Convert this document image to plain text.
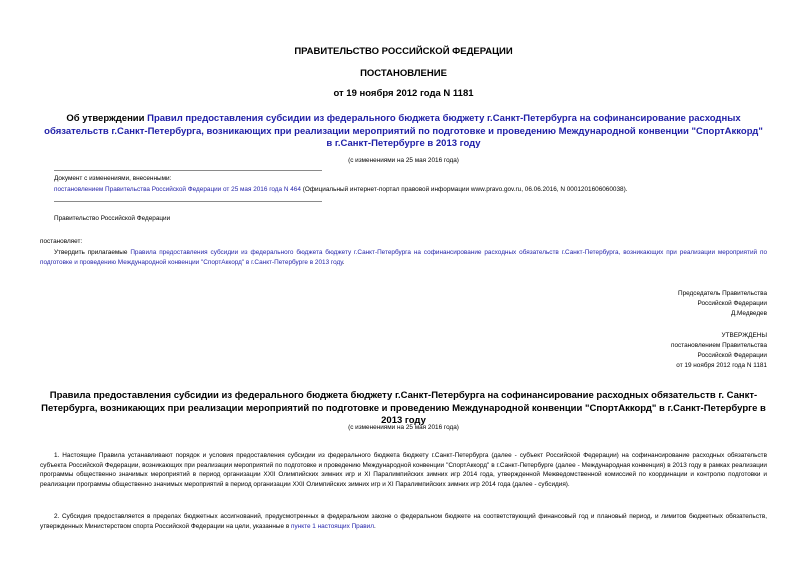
ПРАВИТЕЛЬСТВО РОССИЙСКОЙ ФЕДЕРАЦИИ
ПОСТАНОВЛЕНИЕ
от 19 ноября 2012 года N 1181
Об утверждении Правил предоставления субсидии из федерального бюджета бюджету г.Санкт-Петербурга на софинансирование расходных обязательств г.Санкт-Петербурга, возникающих при реализации мероприятий по подготовке и проведению Международной конвенции "СпортАккорд" в г.Санкт-Петербурге в 2013 году
(с изменениями на 25 мая 2016 года)
Документ с изменениями, внесенными:
постановлением Правительства Российской Федерации от 25 мая 2016 года N 464 (Официальный интернет-портал правовой информации www.pravo.gov.ru, 06.06.2016, N 0001201606060038).
Правительство Российской Федерации
постановляет:
Утвердить прилагаемые Правила предоставления субсидии из федерального бюджета бюджету г.Санкт-Петербурга на софинансирование расходных обязательств г.Санкт-Петербурга, возникающих при реализации мероприятий по подготовке и проведению Международной конвенции "СпортАккорд" в г.Санкт-Петербурге в 2013 году.
Председатель Правительства
Российской Федерации
Д.Медведев
УТВЕРЖДЕНЫ
постановлением Правительства
Российской Федерации
от 19 ноября 2012 года N 1181
Правила предоставления субсидии из федерального бюджета бюджету г.Санкт-Петербурга на софинансирование расходных обязательств г. Санкт-Петербурга, возникающих при реализации мероприятий по подготовке и проведению Международной конвенции "СпортАккорд" в г.Санкт-Петербурге в 2013 году
(с изменениями на 25 мая 2016 года)
1. Настоящие Правила устанавливают порядок и условия предоставления субсидии из федерального бюджета бюджету г.Санкт-Петербурга (далее - субъект Российской Федерации) на софинансирование расходных обязательств субъекта Российской Федерации, возникающих при реализации мероприятий по подготовке и проведению Международной конвенции "СпортАккорд" в г.Санкт-Петербурге (далее - Международная конвенция) в 2013 году в рамках реализации программы общественно значимых мероприятий в период организации XXII Олимпийских зимних игр и XI Паралимпийских зимних игр 2014 года, утвержденной Межведомственной комиссией по координации и контролю подготовки и реализации программы общественно значимых мероприятий в период организации XXII Олимпийских зимних игр и XI Паралимпийских зимних игр 2014 года (далее - субсидия).
2. Субсидия предоставляется в пределах бюджетных ассигнований, предусмотренных в федеральном законе о федеральном бюджете на соответствующий финансовый год и плановый период, и лимитов бюджетных обязательств, утвержденных Министерством спорта Российской Федерации на цели, указанные в пункте 1 настоящих Правил.
